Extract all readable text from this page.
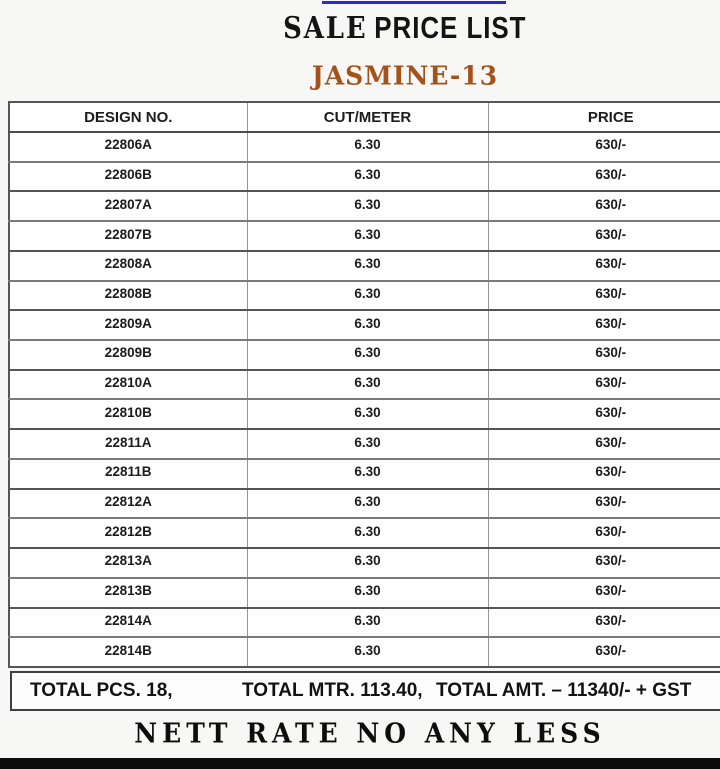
SALE PRICE LIST
JASMINE-13
DESIGN NO.	CUT/METER	PRICE
22806A	6.30	630/-
22806B	6.30	630/-
22807A	6.30	630/-
22807B	6.30	630/-
22808A	6.30	630/-
22808B	6.30	630/-
22809A	6.30	630/-
22809B	6.30	630/-
22810A	6.30	630/-
22810B	6.30	630/-
22811A	6.30	630/-
22811B	6.30	630/-
22812A	6.30	630/-
22812B	6.30	630/-
22813A	6.30	630/-
22813B	6.30	630/-
22814A	6.30	630/-
22814B	6.30	630/-
TOTAL PCS. 18,	TOTAL MTR. 113.40, TOTAL AMT. – 11340/- + GST
NETT RATE NO ANY LESS
